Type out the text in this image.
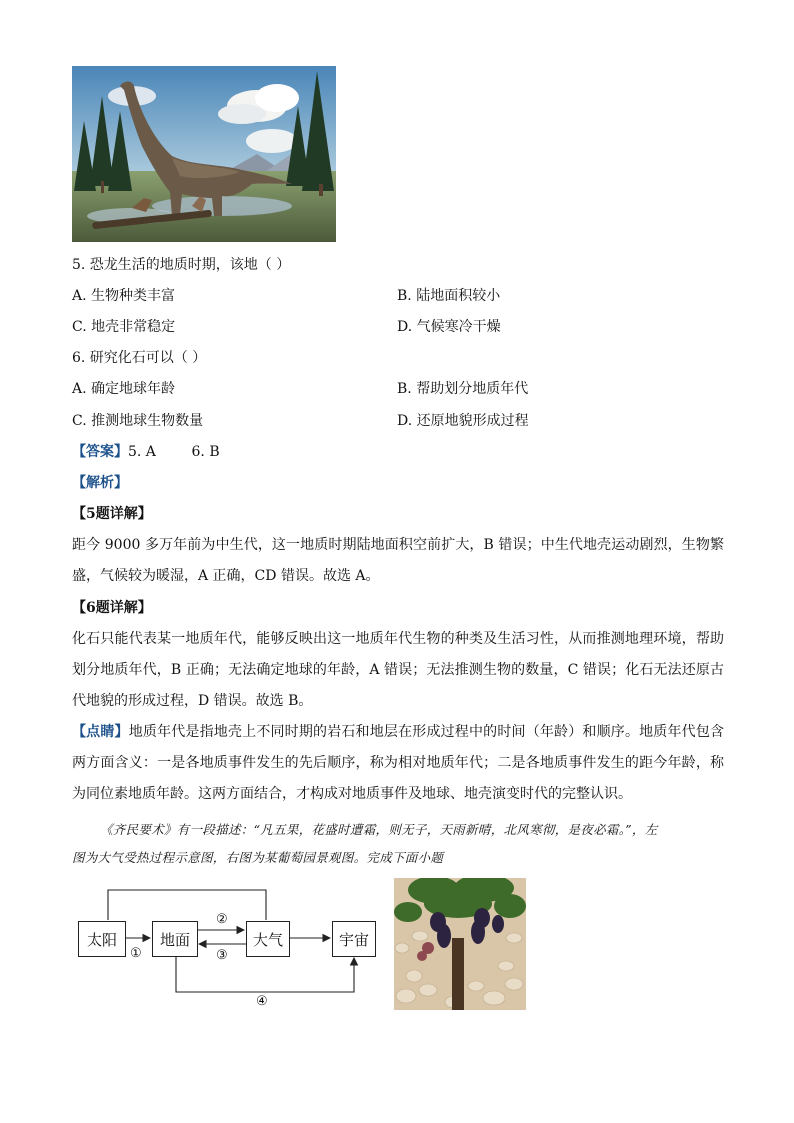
5. 恐龙生活的地质时期，该地（ ）
A. 生物种类丰富	B. 陆地面积较小
C. 地壳非常稳定	D. 气候寒冷干燥
6. 研究化石可以（ ）
A. 确定地球年龄	B. 帮助划分地质年代
C. 推测地球生物数量	D. 还原地貌形成过程
【答案】5. A        6. B
【解析】
【5题详解】
距今 9000 多万年前为中生代，这一地质时期陆地面积空前扩大，B 错误；中生代地壳运动剧烈，生物繁盛，气候较为暖湿，A 正确，CD 错误。故选 A。
【6题详解】
化石只能代表某一地质年代，能够反映出这一地质年代生物的种类及生活习性，从而推测地理环境，帮助划分地质年代，B 正确；无法确定地球的年龄，A 错误；无法推测生物的数量，C 错误；化石无法还原古代地貌的形成过程，D 错误。故选 B。
【点睛】地质年代是指地壳上不同时期的岩石和地层在形成过程中的时间（年龄）和顺序。地质年代包含两方面含义：一是各地质事件发生的先后顺序，称为相对地质年代；二是各地质事件发生的距今年龄，称为同位素地质年龄。这两方面结合，才构成对地质事件及地球、地壳演变时代的完整认识。
《齐民要术》有一段描述：“凡五果，花盛时遭霜，则无子，天雨新晴，北风寒彻，是夜必霜。”，左
图为大气受热过程示意图，右图为某葡萄园景观图。完成下面小题
太阳	地面	大气	宇宙
①
②
③
④
